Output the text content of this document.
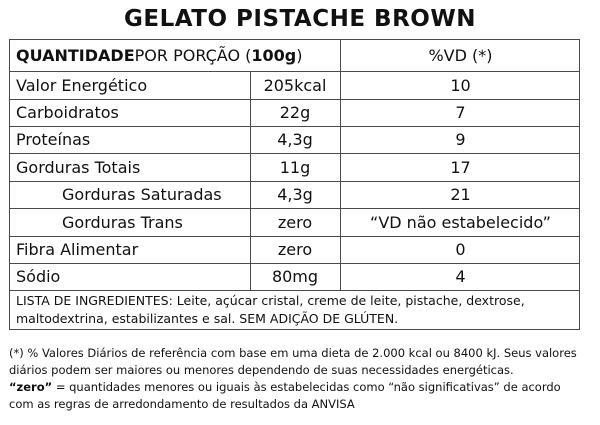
GELATO PISTACHE BROWN
QUANTIDADE POR PORÇÃO ( 100g )	%VD (*)
Valor Energético	205kcal	10
Carboidratos	22g	7
Proteínas	4,3g	9
Gorduras Totais	11g	17
Gorduras Saturadas	4,3g	21
Gorduras Trans	zero	“VD não estabelecido”
Fibra Alimentar	zero	0
Sódio	80mg	4
LISTA DE INGREDIENTES: Leite, açúcar cristal, creme de leite, pistache, dextrose, maltodextrina, estabilizantes e sal. SEM ADIÇÃO DE GLÚTEN.

(*) % Valores Diários de referência com base em uma dieta de 2.000 kcal ou 8400 kJ. Seus valores diários podem ser maiores ou menores dependendo de suas necessidades energéticas.

“zero” = quantidades menores ou iguais às estabelecidas como “não significativas” de acordo com as regras de arredondamento de resultados da ANVISA
